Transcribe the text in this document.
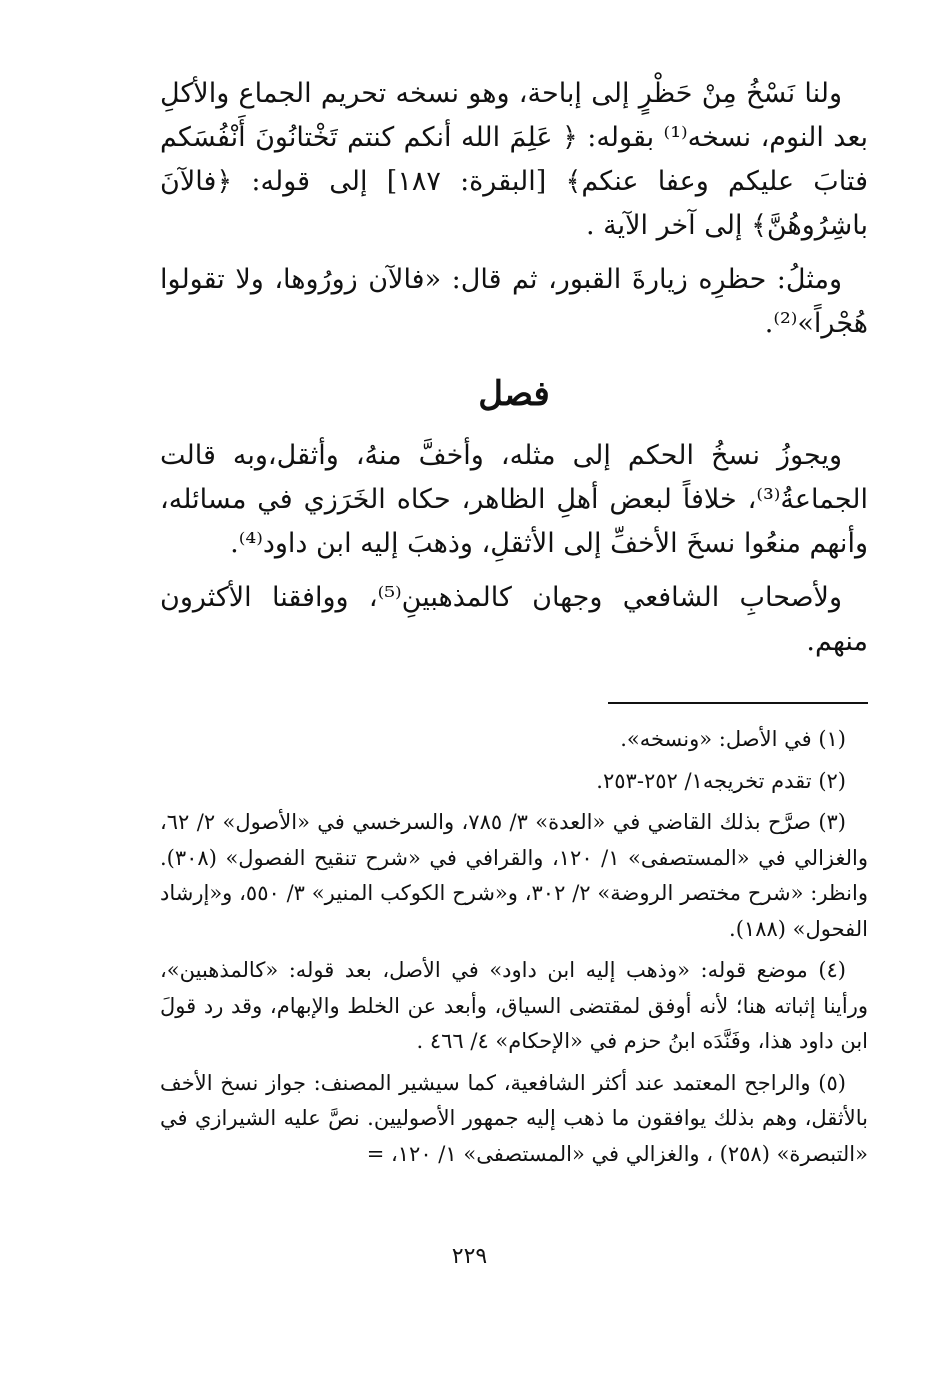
ولنا نَسْخُ مِنْ حَظْرٍ إلى إباحة، وهو نسخه تحريم الجماع والأكلِ بعد النوم، نسخه⁽¹⁾ بقوله: ﴿ عَلِمَ الله أنكم كنتم تَخْتانُونَ أَنْفُسَكم فتابَ عليكم وعفا عنكم﴾ [البقرة: ١٨٧] إلى قوله: ﴿فالآنَ باشِرُوهُنَّ﴾ إلى آخر الآية .

ومثلُ: حظرِه زيارةَ القبور، ثم قال: «فالآن زورُوها، ولا تقولوا هُجْراً»⁽²⁾.

فصل

ويجوزُ نسخُ الحكم إلى مثله، وأخفَّ منهُ، وأثقل،وبه قالت الجماعةُ⁽³⁾، خلافاً لبعض أهلِ الظاهر، حكاه الخَرَزي في مسائله، وأنهم منعُوا نسخَ الأخفِّ إلى الأثقلِ، وذهبَ إليه ابن داود⁽⁴⁾.

ولأصحابِ الشافعي وجهان كالمذهبينِ⁽⁵⁾، ووافقنا الأكثرون منهم.

(١) في الأصل: «ونسخه».

(٢) تقدم تخريجه١/ ٢٥٢-٢٥٣.

(٣) صرَّح بذلك القاضي في «العدة» ٣/ ٧٨٥، والسرخسي في «الأصول» ٢/ ٦٢، والغزالي في «المستصفى» ١/ ١٢٠، والقرافي في «شرح تنقيح الفصول» (٣٠٨). وانظر: «شرح مختصر الروضة» ٢/ ٣٠٢، و«شرح الكوكب المنير» ٣/ ٥٥٠، و«إرشاد الفحول» (١٨٨).

(٤) موضع قوله: «وذهب إليه ابن داود» في الأصل، بعد قوله: «كالمذهبين»، ورأينا إثباته هنا؛ لأنه أوفق لمقتضى السياق، وأبعد عن الخلط والإبهام، وقد رد قولَ ابن داود هذا، وفَنَّدَه ابنُ حزم في «الإحكام» ٤/ ٤٦٦ .

(٥) والراجح المعتمد عند أكثر الشافعية، كما سيشير المصنف: جواز نسخ الأخف بالأثقل، وهم بذلك يوافقون ما ذهب إليه جمهور الأصوليين. نصَّ عليه الشيرازي في «التبصرة» (٢٥٨) ، والغزالي في «المستصفى» ١/ ١٢٠، =

٢٢٩
